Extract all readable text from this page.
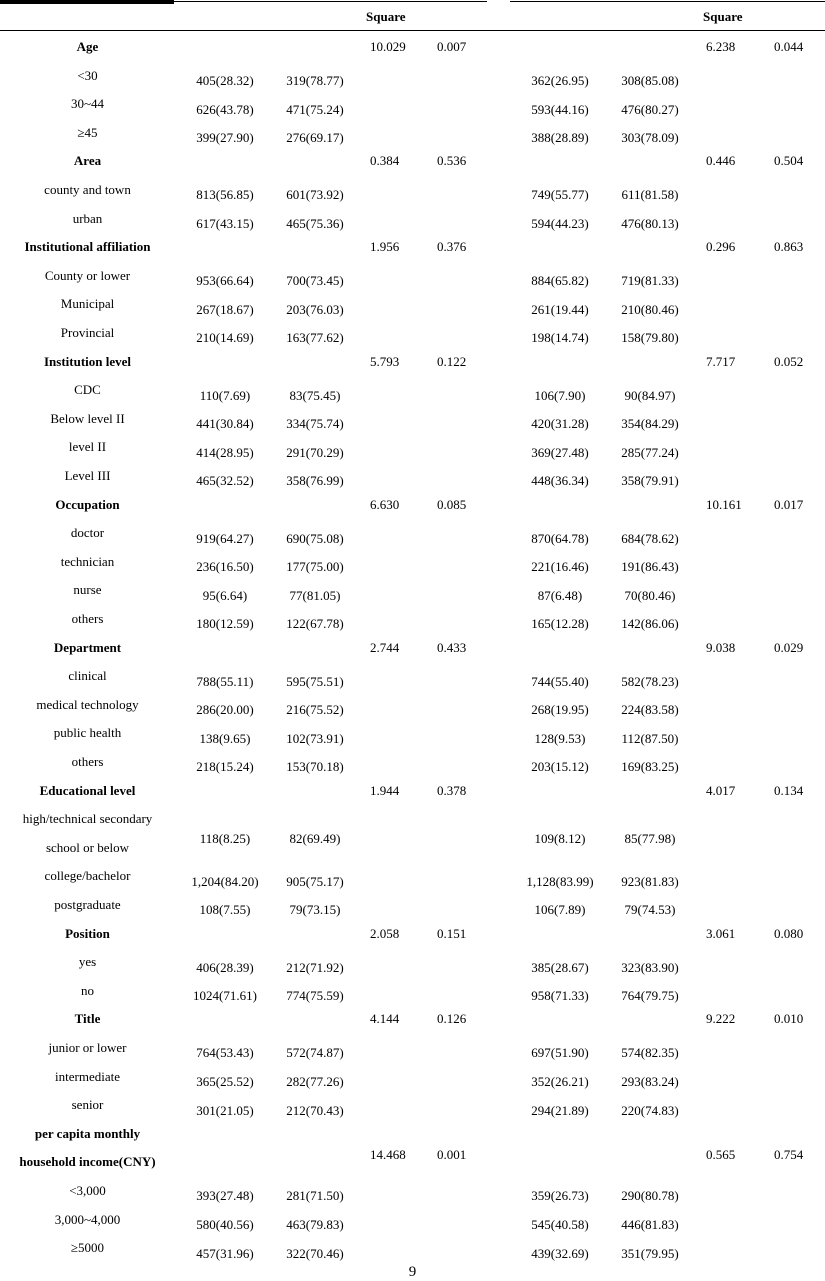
Square	Square
Age	10.029 0.007	6.238	0.044
<30	405(28.32)	319(78.77)	362(26.95)	308(85.08)
30~44	626(43.78)	471(75.24)	593(44.16)	476(80.27)
≥45	399(27.90)	276(69.17)	388(28.89)	303(78.09)
Area	0.384	0.536	0.446	0.504
county and town	813(56.85)	601(73.92)	749(55.77)	611(81.58)
urban	617(43.15)	465(75.36)	594(44.23)	476(80.13)
Institutional affiliation	1.956	0.376	0.296	0.863
County or lower	953(66.64)	700(73.45)	884(65.82)	719(81.33)
Municipal	267(18.67)	203(76.03)	261(19.44)	210(80.46)
Provincial	210(14.69)	163(77.62)	198(14.74)	158(79.80)
Institution level	5.793	0.122	7.717	0.052
CDC	110(7.69)	83(75.45)	106(7.90)	90(84.97)
Below level II	441(30.84)	334(75.74)	420(31.28)	354(84.29)
level II	414(28.95)	291(70.29)	369(27.48)	285(77.24)
Level III	465(32.52)	358(76.99)	448(36.34)	358(79.91)
Occupation	6.630	0.085	10.161 0.017
doctor	919(64.27)	690(75.08)	870(64.78)	684(78.62)
technician	236(16.50)	177(75.00)	221(16.46)	191(86.43)
nurse	95(6.64)	77(81.05)	87(6.48)	70(80.46)
others	180(12.59)	122(67.78)	165(12.28)	142(86.06)
Department	2.744	0.433	9.038	0.029
clinical	788(55.11)	595(75.51)	744(55.40)	582(78.23)
medical technology	286(20.00)	216(75.52)	268(19.95)	224(83.58)
public health	138(9.65)	102(73.91)	128(9.53)	112(87.50)
others	218(15.24)	153(70.18)	203(15.12)	169(83.25)
Educational level	1.944	0.378	4.017	0.134
high/technical secondary
school or below
118(8.25)	82(69.49)	109(8.12)	85(77.98)
college/bachelor	1,204(84.20)	905(75.17)	1,128(83.99)	923(81.83)
postgraduate	108(7.55)	79(73.15)	106(7.89)	79(74.53)
Position	2.058	0.151	3.061	0.080
yes	406(28.39)	212(71.92)	385(28.67)	323(83.90)
no	1024(71.61)	774(75.59)	958(71.33)	764(79.75)
Title	4.144	0.126	9.222	0.010
junior or lower	764(53.43)	572(74.87)	697(51.90)	574(82.35)
intermediate	365(25.52)	282(77.26)	352(26.21)	293(83.24)
senior	301(21.05)	212(70.43)	294(21.89)	220(74.83)
per capita monthly
household income(CNY)	14.468 0.001	0.565	0.754
<3,000	393(27.48)	281(71.50)	359(26.73)	290(80.78)
3,000~4,000	580(40.56)	463(79.83)	545(40.58)	446(81.83)
≥5000	457(31.96)	322(70.46)	439(32.69)	351(79.95)
9
